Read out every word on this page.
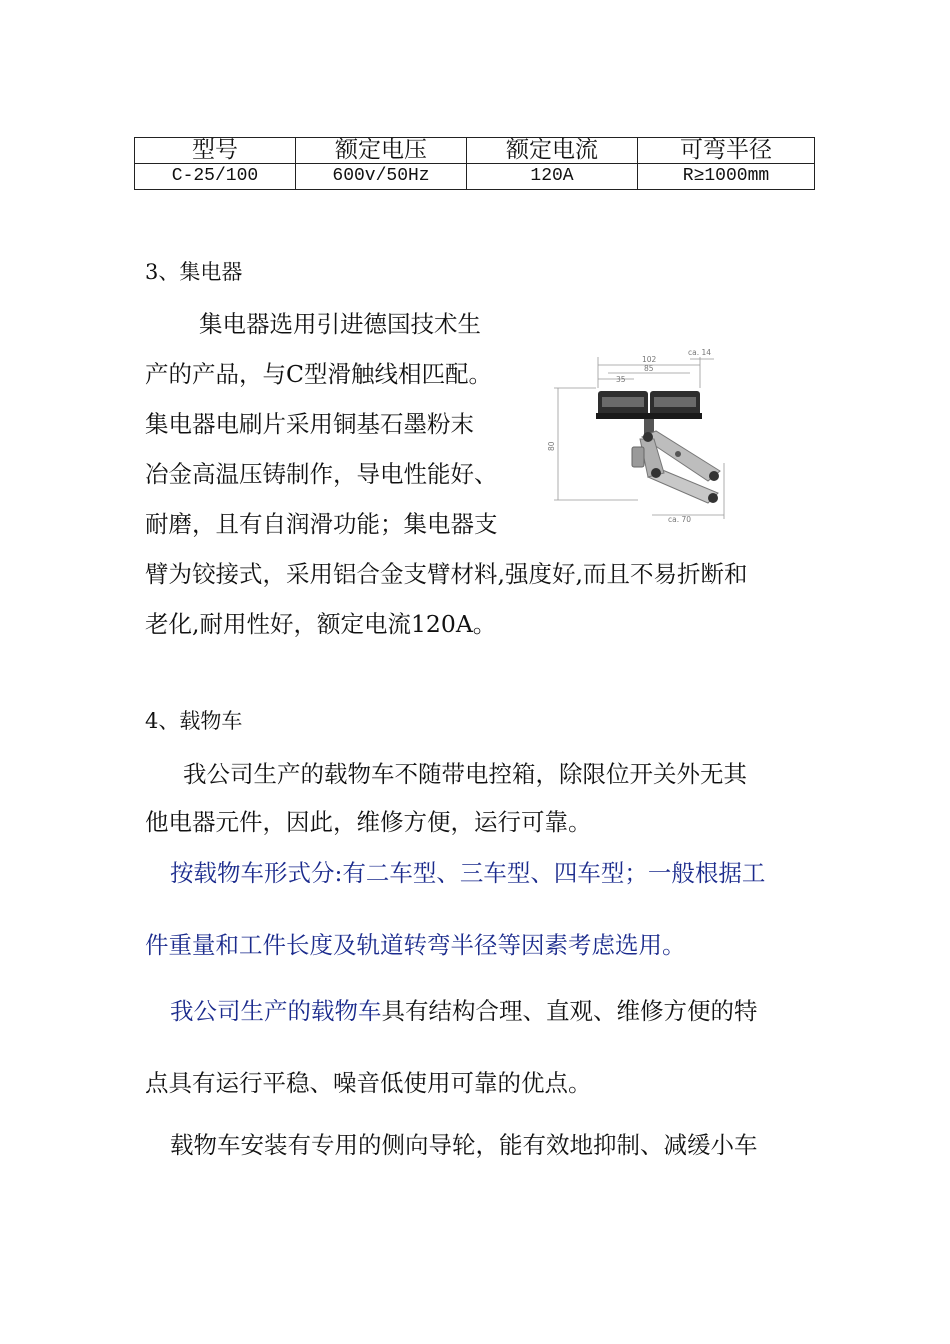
型号	额定电压	额定电流	可弯半径
C-25/100	600v/50Hz	120A	R≥1000mm
3、集电器
集电器选用引进德国技术生
产的产品，与C型滑触线相匹配。
集电器电刷片采用铜基石墨粉末
冶金高温压铸制作，导电性能好、
耐磨，且有自润滑功能；集电器支
臂为铰接式，采用铝合金支臂材料,强度好,而且不易折断和
老化,耐用性好，额定电流120A。
ca. 14
102
85
35
80
ca. 70
4、载物车
我公司生产的载物车不随带电控箱，除限位开关外无其
他电器元件，因此，维修方便，运行可靠。
按载物车形式分:有二车型、三车型、四车型；一般根据工
件重量和工件长度及轨道转弯半径等因素考虑选用。
我公司生产的载物车具有结构合理、直观、维修方便的特
点具有运行平稳、噪音低使用可靠的优点。
载物车安装有专用的侧向导轮，能有效地抑制、减缓小车
